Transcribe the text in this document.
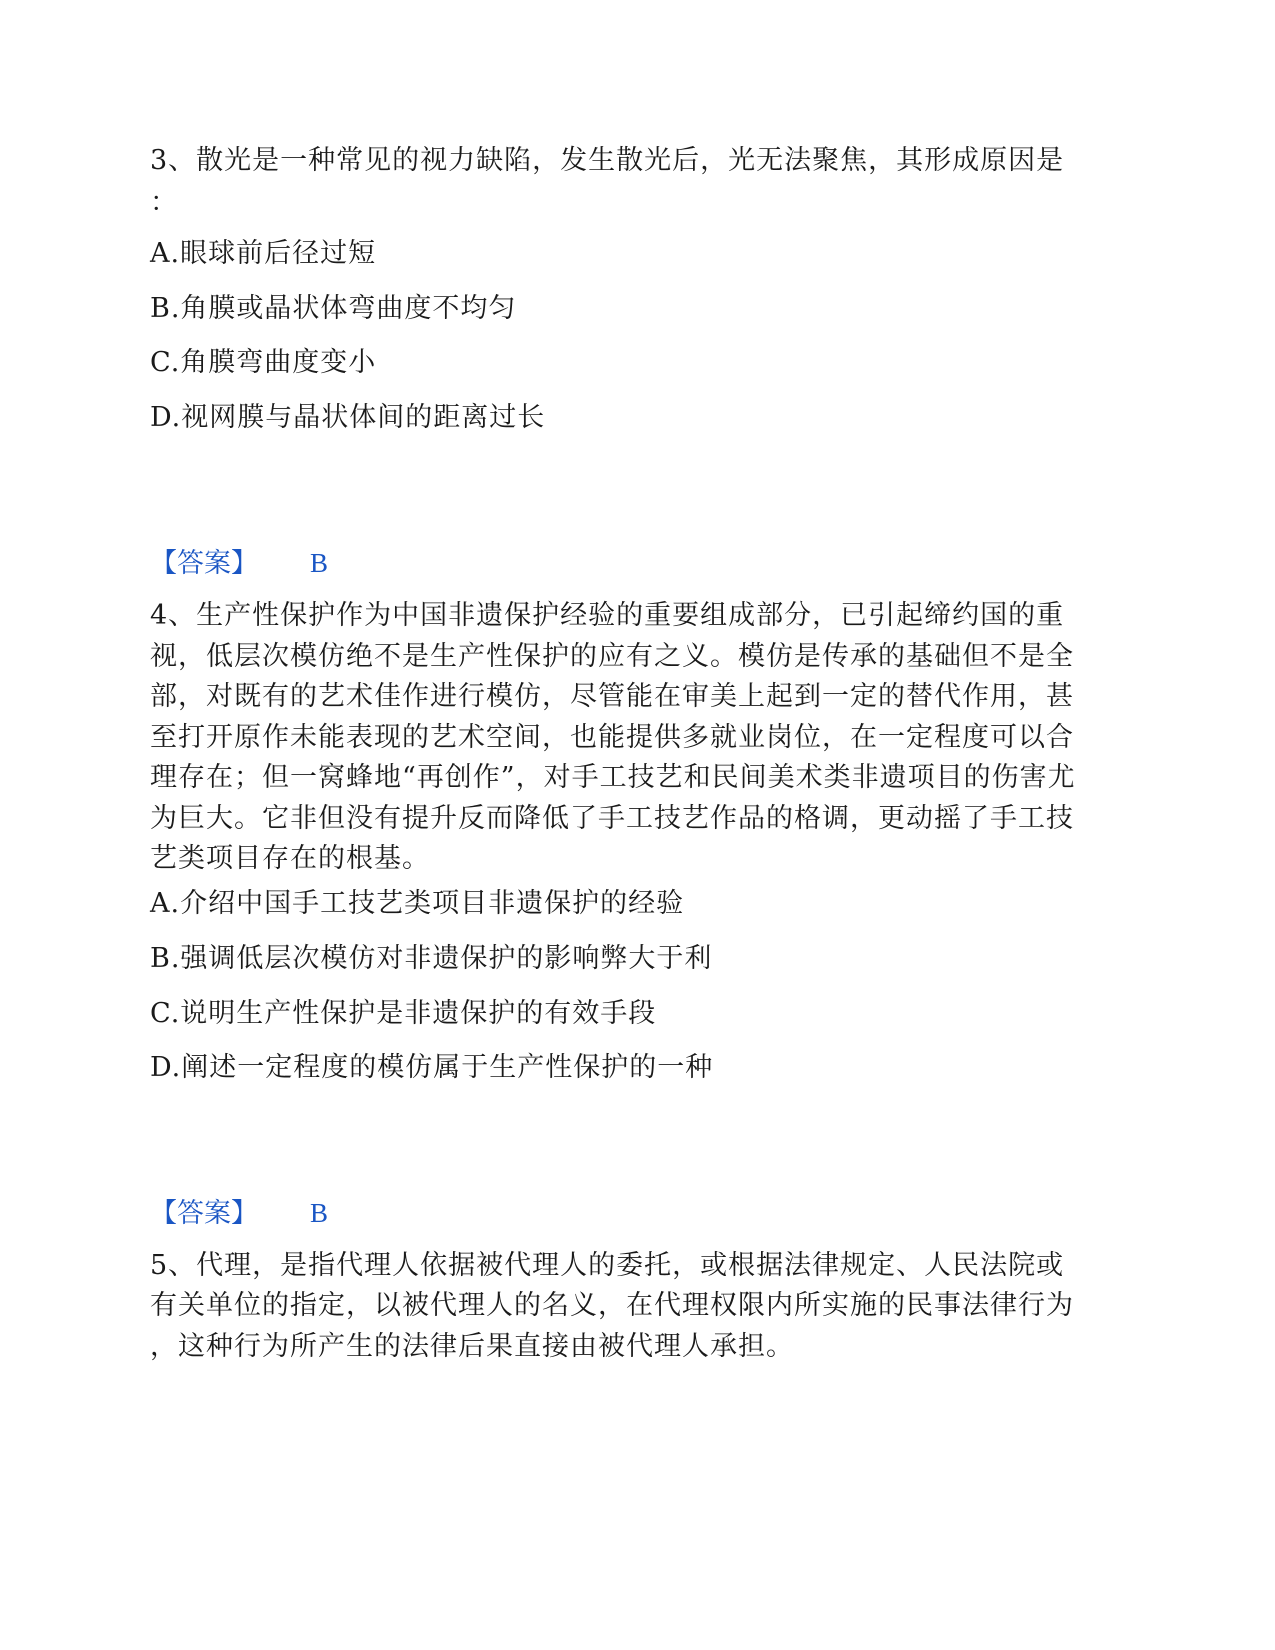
3、散光是一种常见的视力缺陷，发生散光后，光无法聚焦，其形成原因是
：
A.眼球前后径过短
B.角膜或晶状体弯曲度不均匀
C.角膜弯曲度变小
D.视网膜与晶状体间的距离过长
【答案】 B
4、生产性保护作为中国非遗保护经验的重要组成部分，已引起缔约国的重
视，低层次模仿绝不是生产性保护的应有之义。模仿是传承的基础但不是全
部，对既有的艺术佳作进行模仿，尽管能在审美上起到一定的替代作用，甚
至打开原作未能表现的艺术空间，也能提供多就业岗位，在一定程度可以合
理存在；但一窝蜂地“再创作”，对手工技艺和民间美术类非遗项目的伤害尤
为巨大。它非但没有提升反而降低了手工技艺作品的格调，更动摇了手工技
艺类项目存在的根基。
A.介绍中国手工技艺类项目非遗保护的经验
B.强调低层次模仿对非遗保护的影响弊大于利
C.说明生产性保护是非遗保护的有效手段
D.阐述一定程度的模仿属于生产性保护的一种
【答案】 B
5、代理，是指代理人依据被代理人的委托，或根据法律规定、人民法院或
有关单位的指定，以被代理人的名义，在代理权限内所实施的民事法律行为
，这种行为所产生的法律后果直接由被代理人承担。
